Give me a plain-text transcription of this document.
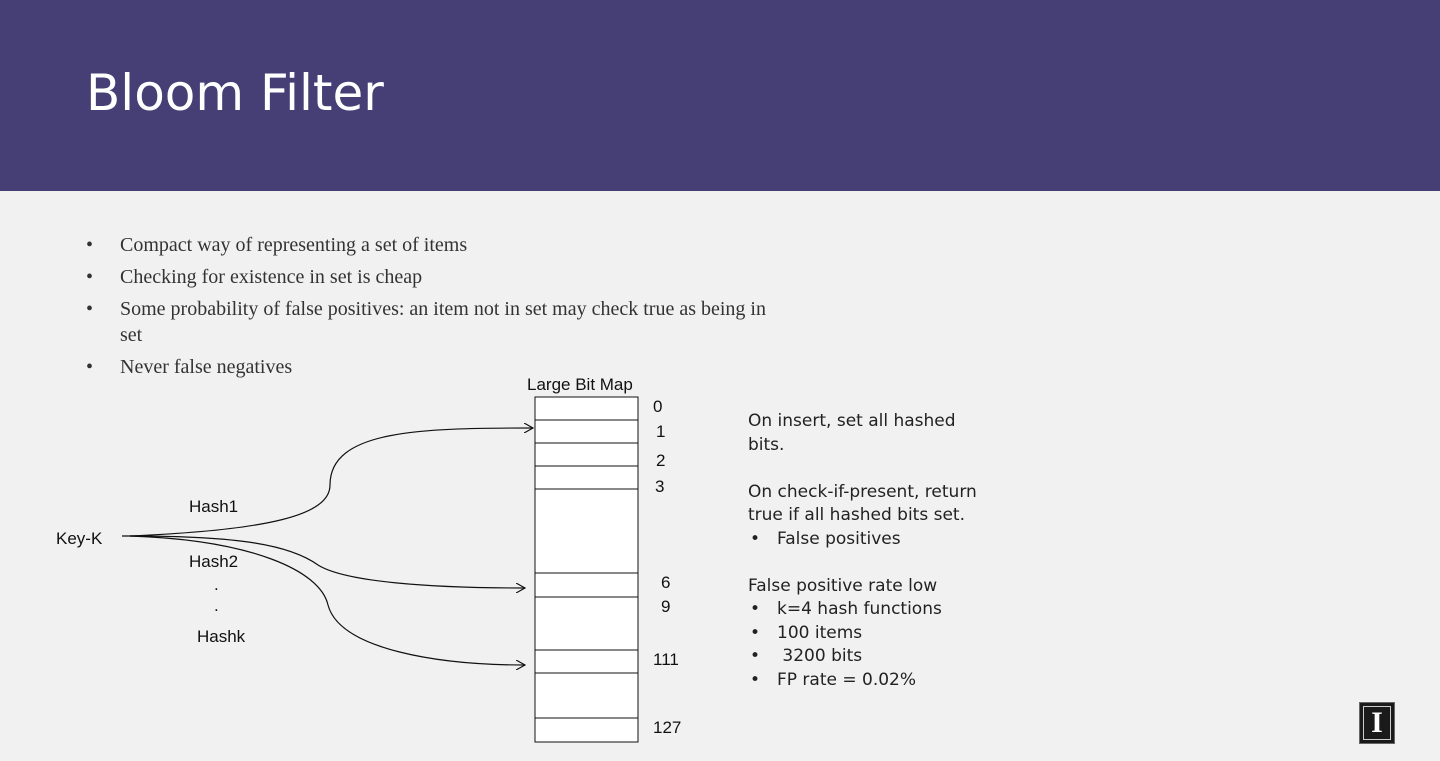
Bloom Filter
• Compact way of representing a set of items
• Checking for existence in set is cheap
• Some probability of false positives: an item not in set may check true as being in set
• Never false negatives
Large Bit Map
Key-K
Hash1
Hash2
.
.
Hashk
0
1
2
3
6
9
111
127

On insert, set all hashed bits.

On check-if-present, return true if all hashed bits set.

• False positives

False positive rate low

• k=4 hash functions
• 100 items
•  3200 bits
• FP rate = 0.02%
I
